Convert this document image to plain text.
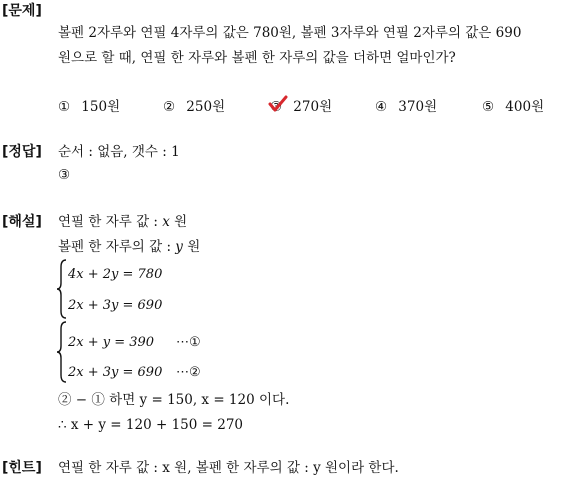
[문제]
볼펜 2자루와 연필 4자루의 값은 780원, 볼펜 3자루와 연필 2자루의 값은 690
원으로 할 때, 연필 한 자루와 볼펜 한 자루의 값을 더하면 얼마인가?
① 150원	② 250원	③ 270원	④ 370원	⑤ 400원
[정답] 순서 : 없음, 갯수 : 1
③
[해설] 연필 한 자루 값 : x 원
볼펜 한 자루의 값 : y 원
4x + 2y = 780
2x + 3y = 690
2x + y = 390 ⋯①
2x + 3y = 690 ⋯②
② − ① 하면 y = 150, x = 120 이다.
∴ x + y = 120 + 150 = 270
[힌트] 연필 한 자루 값 : x 원, 볼펜 한 자루의 값 : y 원이라 한다.
